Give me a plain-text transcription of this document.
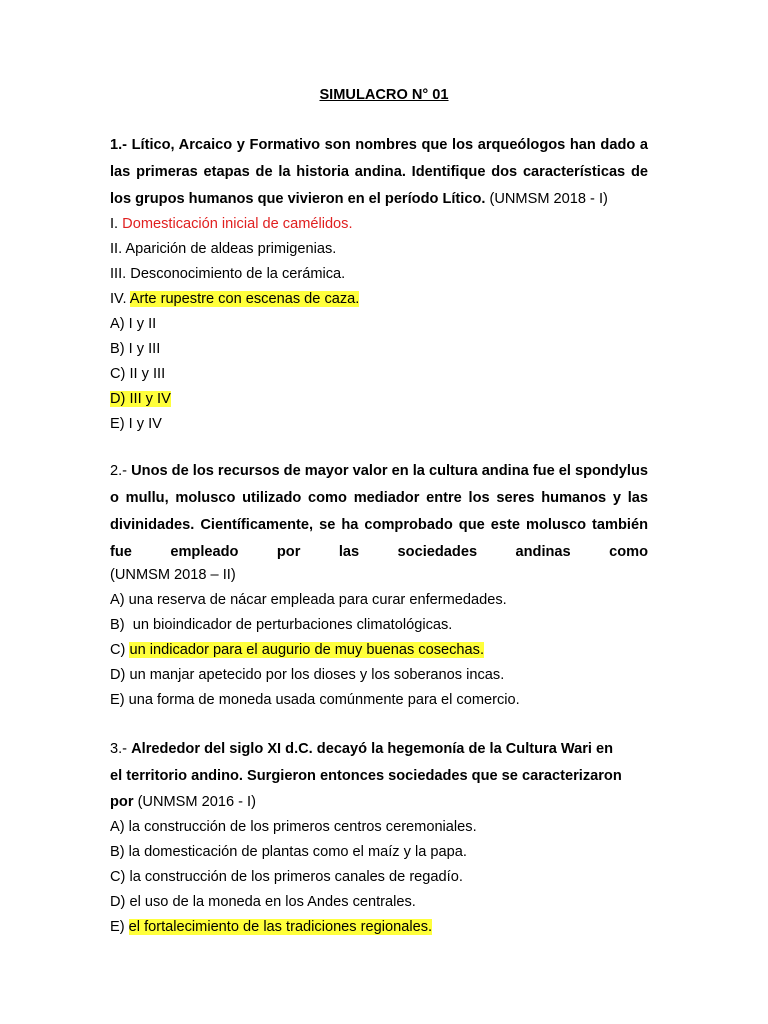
SIMULACRO N° 01
1.- Lítico, Arcaico y Formativo son nombres que los arqueólogos han dado a las primeras etapas de la historia andina. Identifique dos características de los grupos humanos que vivieron en el período Lítico. (UNMSM 2018 - I)
I. Domesticación inicial de camélidos.
II. Aparición de aldeas primigenias.
III. Desconocimiento de la cerámica.
IV. Arte rupestre con escenas de caza.
A) I y II
B) I y III
C) II y III
D) III y IV
E) I y IV
2.- Unos de los recursos de mayor valor en la cultura andina fue el spondylus o mullu, molusco utilizado como mediador entre los seres humanos y las divinidades. Científicamente, se ha comprobado que este molusco también fue empleado por las sociedades andinas como
(UNMSM 2018 – II)
A) una reserva de nácar empleada para curar enfermedades.
B)  un bioindicador de perturbaciones climatológicas.
C) un indicador para el augurio de muy buenas cosechas.
D) un manjar apetecido por los dioses y los soberanos incas.
E) una forma de moneda usada comúnmente para el comercio.
3.- Alrededor del siglo XI d.C. decayó la hegemonía de la Cultura Wari en
el territorio andino. Surgieron entonces sociedades que se caracterizaron
por (UNMSM 2016 - I)
A) la construcción de los primeros centros ceremoniales.
B) la domesticación de plantas como el maíz y la papa.
C) la construcción de los primeros canales de regadío.
D) el uso de la moneda en los Andes centrales.
E) el fortalecimiento de las tradiciones regionales.
